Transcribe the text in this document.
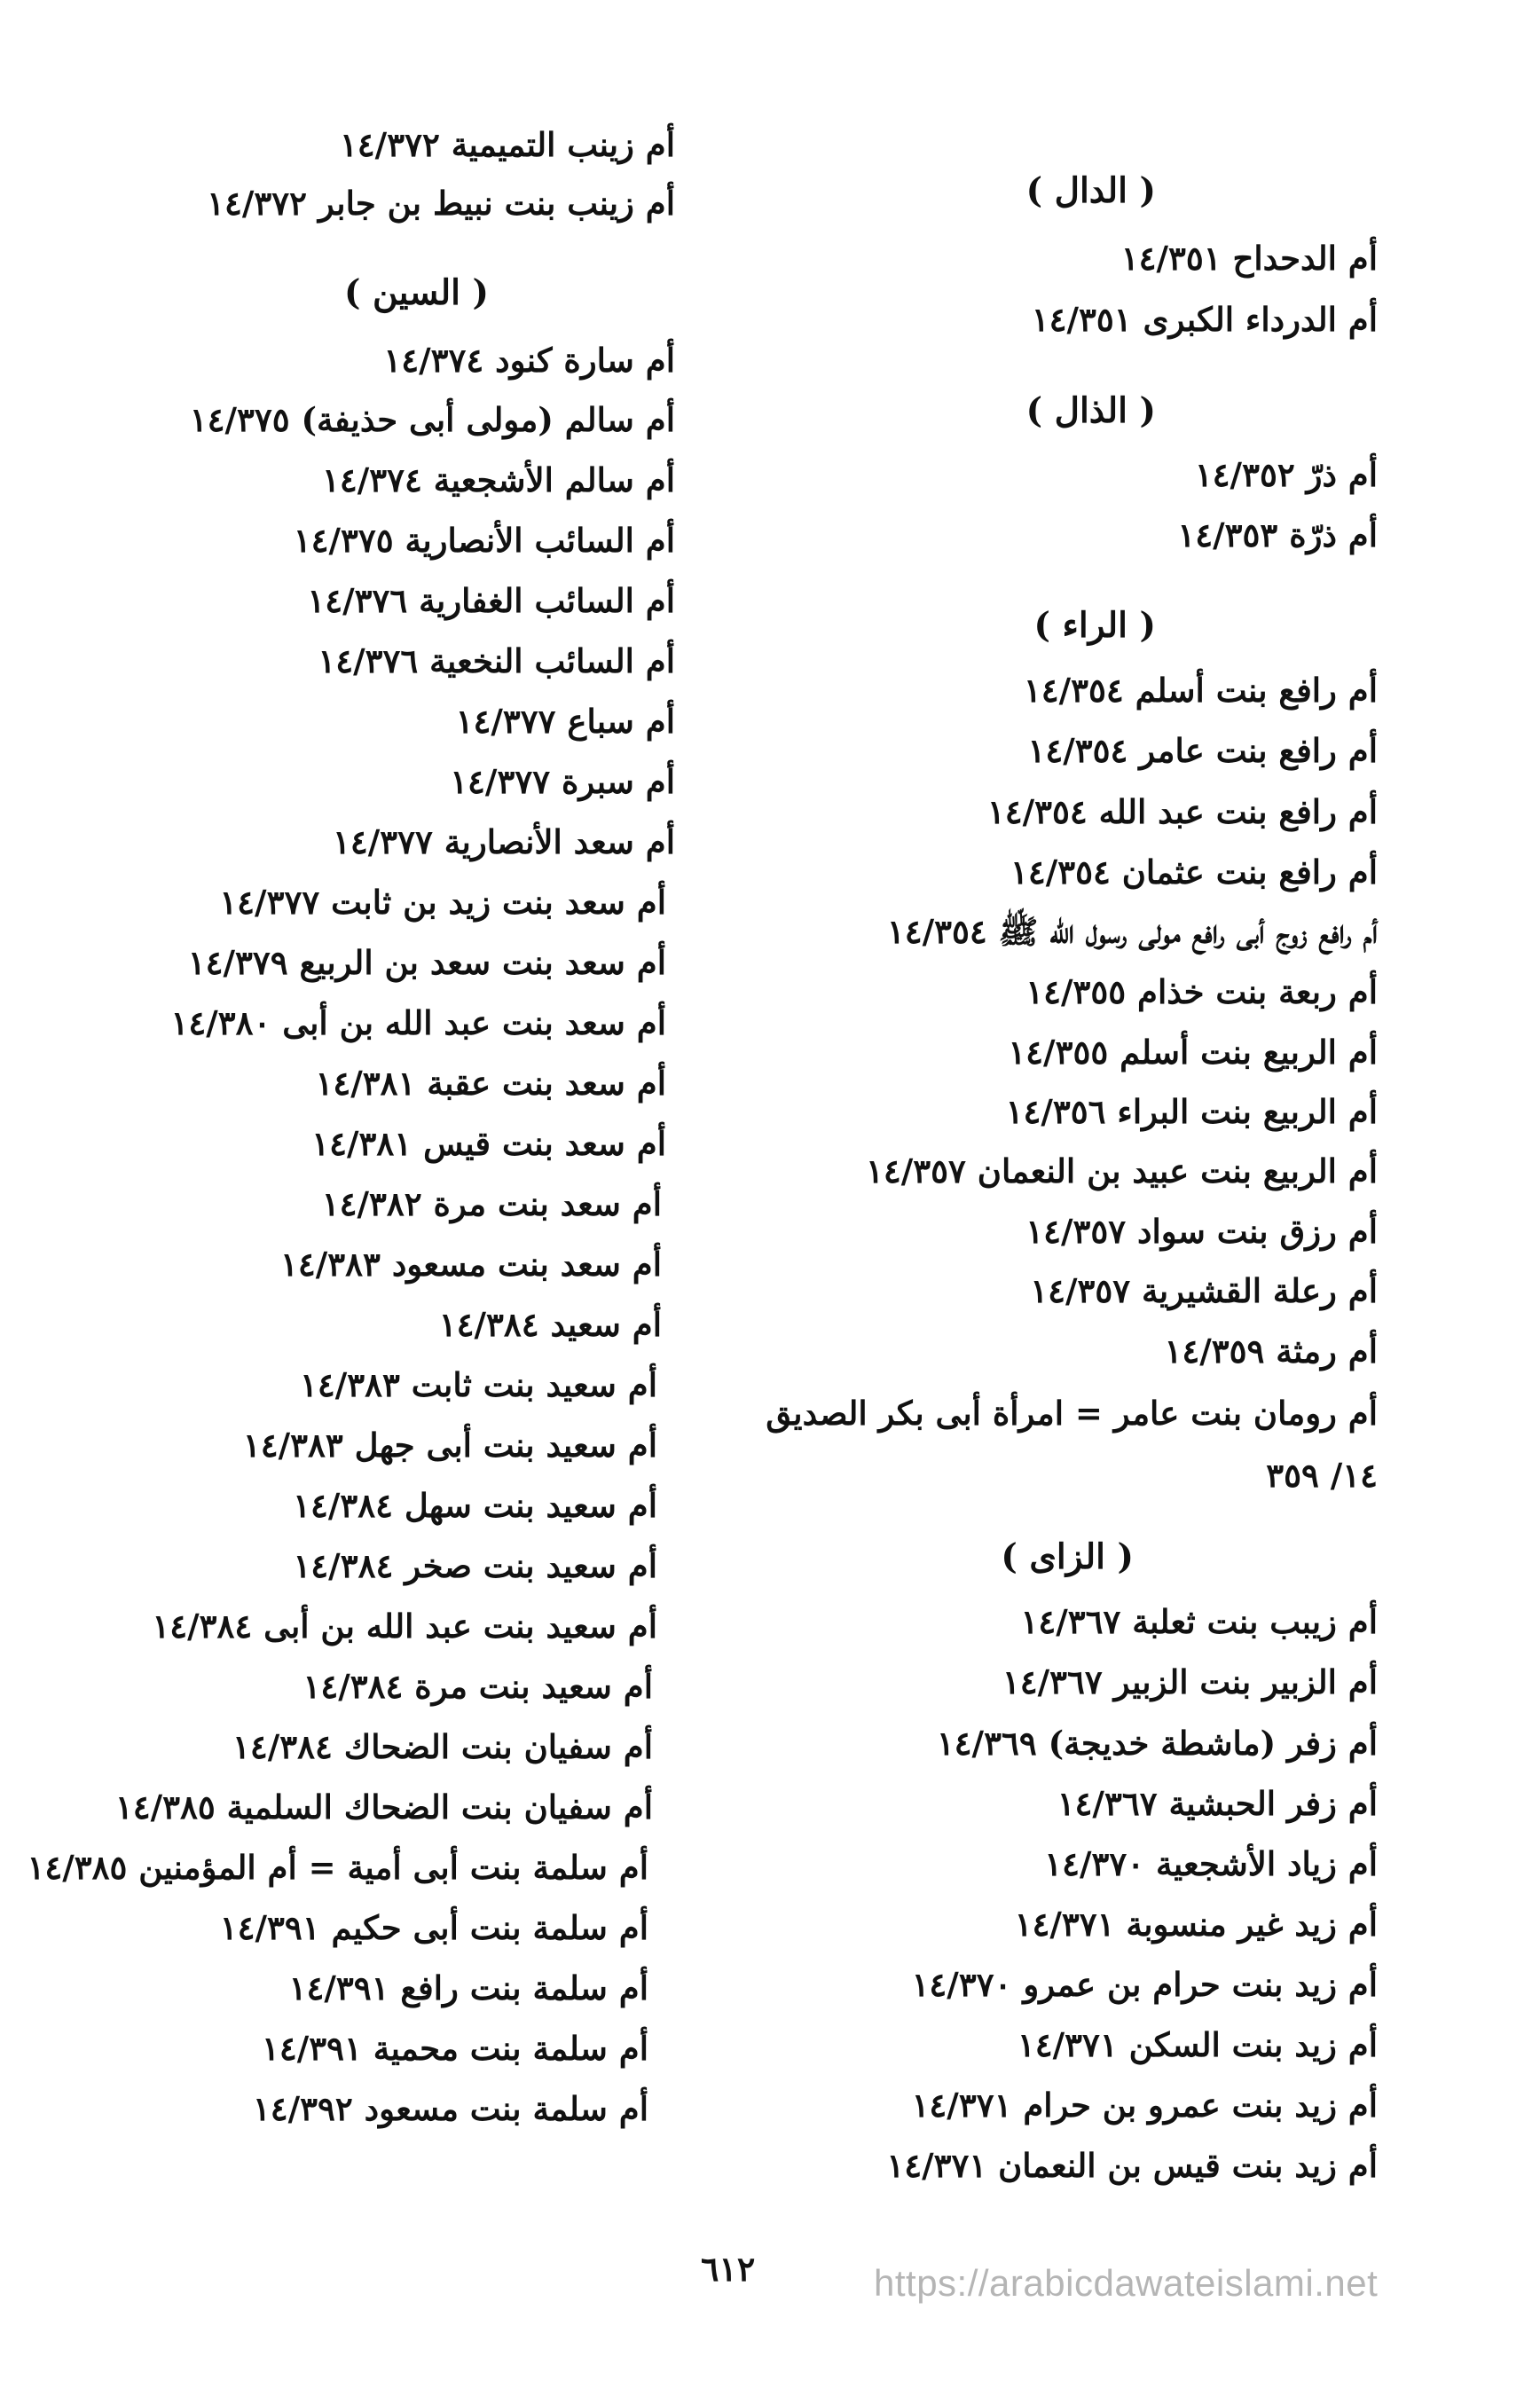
( الدال )
أم الدحداح ١٤/٣٥١
أم الدرداء الكبرى ١٤/٣٥١
( الذال )
أم ذرّ ١٤/٣٥٢
أم ذرّة ١٤/٣٥٣
( الراء )
أم رافع بنت أسلم ١٤/٣٥٤
أم رافع بنت عامر ١٤/٣٥٤
أم رافع بنت عبد الله ١٤/٣٥٤
أم رافع بنت عثمان ١٤/٣٥٤
أم رافع زوج أبى رافع مولى رسول الله ﷺ ١٤/٣٥٤
أم ربعة بنت خذام ١٤/٣٥٥
أم الربيع بنت أسلم ١٤/٣٥٥
أم الربيع بنت البراء ١٤/٣٥٦
أم الربيع بنت عبيد بن النعمان ١٤/٣٥٧
أم رزق بنت سواد ١٤/٣٥٧
أم رعلة القشيرية ١٤/٣٥٧
أم رمثة ١٤/٣٥٩
أم رومان بنت عامر = امرأة أبى بكر الصديق ١٤/ ٣٥٩
( الزاى )
أم زيبب بنت ثعلبة ١٤/٣٦٧
أم الزبير بنت الزبير ١٤/٣٦٧
أم زفر (ماشطة خديجة) ١٤/٣٦٩
أم زفر الحبشية ١٤/٣٦٧
أم زياد الأشجعية ١٤/٣٧٠
أم زيد غير منسوبة ١٤/٣٧١
أم زيد بنت حرام بن عمرو ١٤/٣٧٠
أم زيد بنت السكن ١٤/٣٧١
أم زيد بنت عمرو بن حرام ١٤/٣٧١
أم زيد بنت قيس بن النعمان ١٤/٣٧١
أم زينب التميمية ١٤/٣٧٢
أم زينب بنت نبيط بن جابر ١٤/٣٧٢
( السين )
أم سارة كنود ١٤/٣٧٤
أم سالم (مولى أبى حذيفة) ١٤/٣٧٥
أم سالم الأشجعية ١٤/٣٧٤
أم السائب الأنصارية ١٤/٣٧٥
أم السائب الغفارية ١٤/٣٧٦
أم السائب النخعية ١٤/٣٧٦
أم سباع ١٤/٣٧٧
أم سبرة ١٤/٣٧٧
أم سعد الأنصارية ١٤/٣٧٧
أم سعد بنت زيد بن ثابت ١٤/٣٧٧
أم سعد بنت سعد بن الربيع ١٤/٣٧٩
أم سعد بنت عبد الله بن أبى ١٤/٣٨٠
أم سعد بنت عقبة ١٤/٣٨١
أم سعد بنت قيس ١٤/٣٨١
أم سعد بنت مرة ١٤/٣٨٢
أم سعد بنت مسعود ١٤/٣٨٣
أم سعيد ١٤/٣٨٤
أم سعيد بنت ثابت ١٤/٣٨٣
أم سعيد بنت أبى جهل ١٤/٣٨٣
أم سعيد بنت سهل ١٤/٣٨٤
أم سعيد بنت صخر ١٤/٣٨٤
أم سعيد بنت عبد الله بن أبى ١٤/٣٨٤
أم سعيد بنت مرة ١٤/٣٨٤
أم سفيان بنت الضحاك ١٤/٣٨٤
أم سفيان بنت الضحاك السلمية ١٤/٣٨٥
أم سلمة بنت أبى أمية = أم المؤمنين ١٤/٣٨٥
أم سلمة بنت أبى حكيم ١٤/٣٩١
أم سلمة بنت رافع ١٤/٣٩١
أم سلمة بنت محمية ١٤/٣٩١
أم سلمة بنت مسعود ١٤/٣٩٢
٦١٢	https://arabicdawateislami.net
